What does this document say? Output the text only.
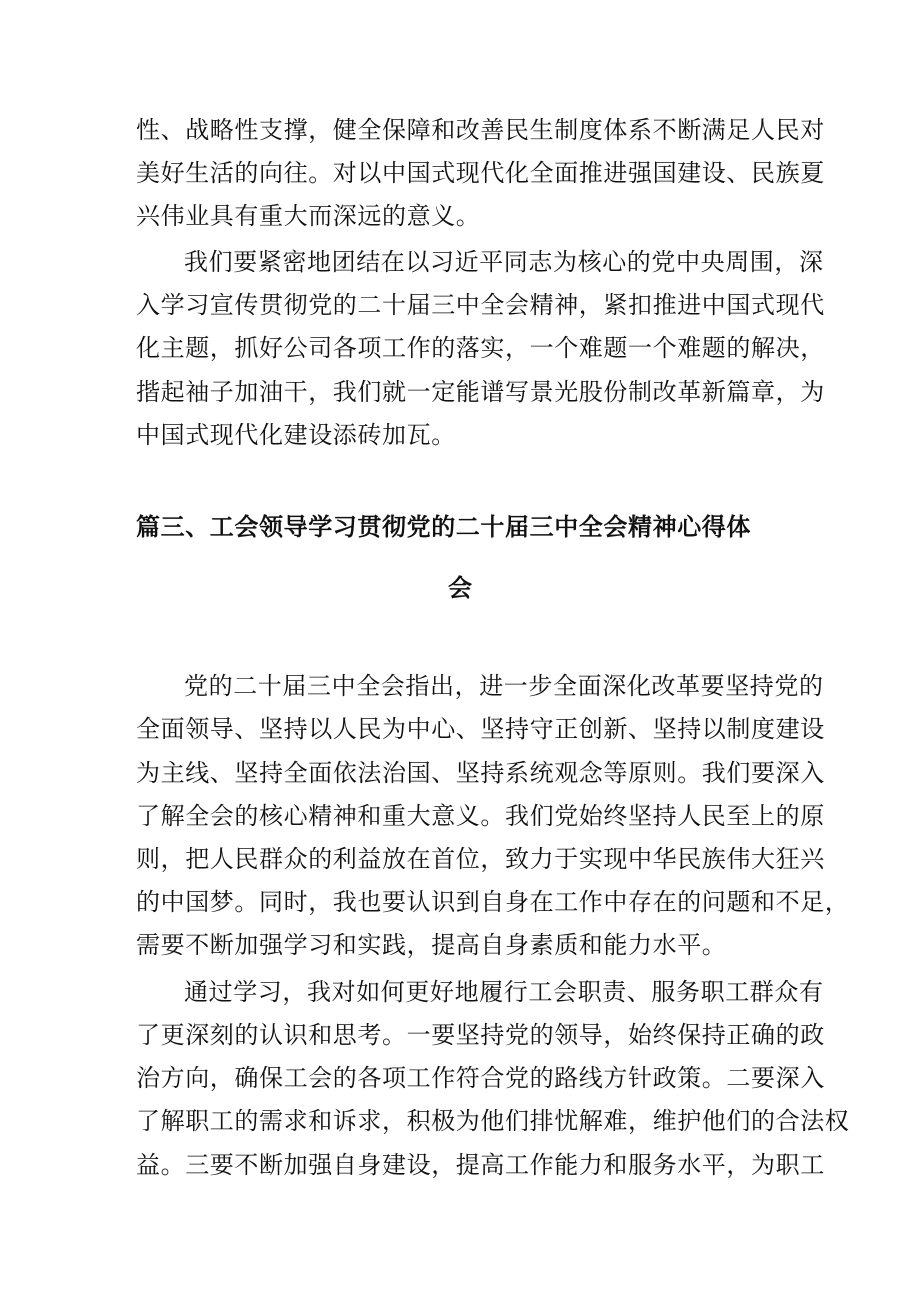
性、战略性支撑，健全保障和改善民生制度体系不断满足人民对
美好生活的向往。对以中国式现代化全面推进强国建设、民族夏
兴伟业具有重大而深远的意义。
我们要紧密地团结在以习近平同志为核心的党中央周围，深
入学习宣传贯彻党的二十届三中全会精神，紧扣推进中国式现代
化主题，抓好公司各项工作的落实，一个难题一个难题的解决，
揩起袖子加油干，我们就一定能谱写景光股份制改革新篇章，为
中国式现代化建设添砖加瓦。
篇三、工会领导学习贯彻党的二十届三中全会精神心得体
会
党的二十届三中全会指出，进一步全面深化改革要坚持党的
全面领导、坚持以人民为中心、坚持守正创新、坚持以制度建设
为主线、坚持全面依法治国、坚持系统观念等原则。我们要深入
了解全会的核心精神和重大意义。我们党始终坚持人民至上的原
则，把人民群众的利益放在首位，致力于实现中华民族伟大狂兴
的中国梦。同时，我也要认识到自身在工作中存在的问题和不足，
需要不断加强学习和实践，提高自身素质和能力水平。
通过学习，我对如何更好地履行工会职责、服务职工群众有
了更深刻的认识和思考。一要坚持党的领导，始终保持正确的政
治方向，确保工会的各项工作符合党的路线方针政策。二要深入
了解职工的需求和诉求，积极为他们排忧解难，维护他们的合法权
益。三要不断加强自身建设，提高工作能力和服务水平，为职工
